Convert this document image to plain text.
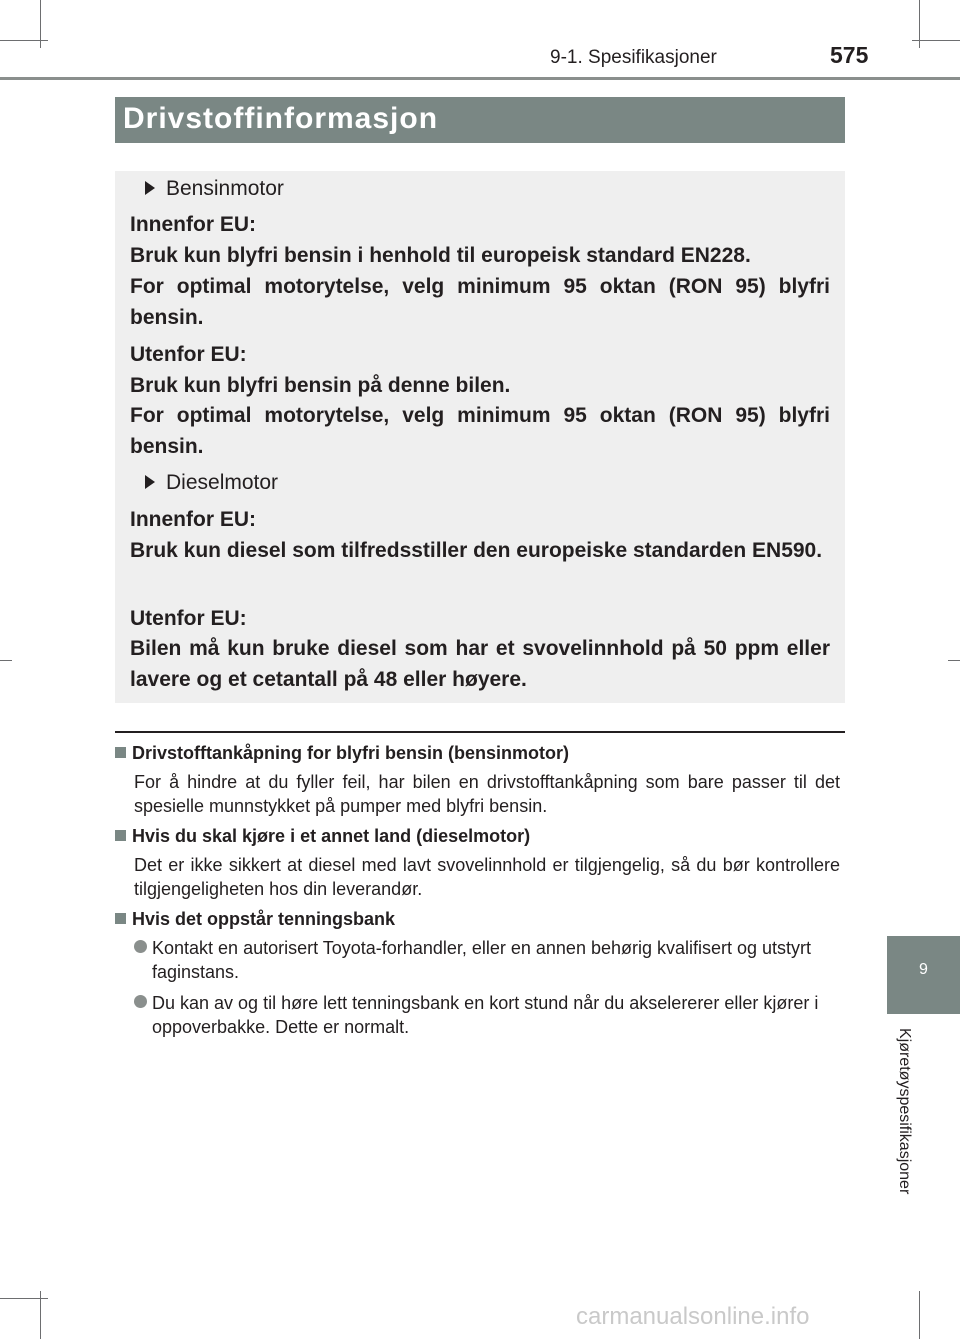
9-1. Spesifikasjoner	575
Drivstoffinformasjon
Bensinmotor
Innenfor EU:
Bruk kun blyfri bensin i henhold til europeisk standard EN228.
For optimal motorytelse, velg minimum 95 oktan (RON 95) blyfri bensin.
Utenfor EU:
Bruk kun blyfri bensin på denne bilen.
For optimal motorytelse, velg minimum 95 oktan (RON 95) blyfri bensin.
Dieselmotor
Innenfor EU:
Bruk kun diesel som tilfredsstiller den europeiske standarden EN590.
Utenfor EU:
Bilen må kun bruke diesel som har et svovelinnhold på 50 ppm eller lavere og et cetantall på 48 eller høyere.
Drivstofftankåpning for blyfri bensin (bensinmotor)
For å hindre at du fyller feil, har bilen en drivstofftankåpning som bare passer til det spesielle munnstykket på pumper med blyfri bensin.
Hvis du skal kjøre i et annet land (dieselmotor)
Det er ikke sikkert at diesel med lavt svovelinnhold er tilgjengelig, så du bør kontrollere tilgjengeligheten hos din leverandør.
Hvis det oppstår tenningsbank
Kontakt en autorisert Toyota-forhandler, eller en annen behørig kvalifisert og utstyrt faginstans.
Du kan av og til høre lett tenningsbank en kort stund når du akselererer eller kjører i oppoverbakke. Dette er normalt.
9
Kjøretøyspesifikasjoner
carmanualsonline.info
